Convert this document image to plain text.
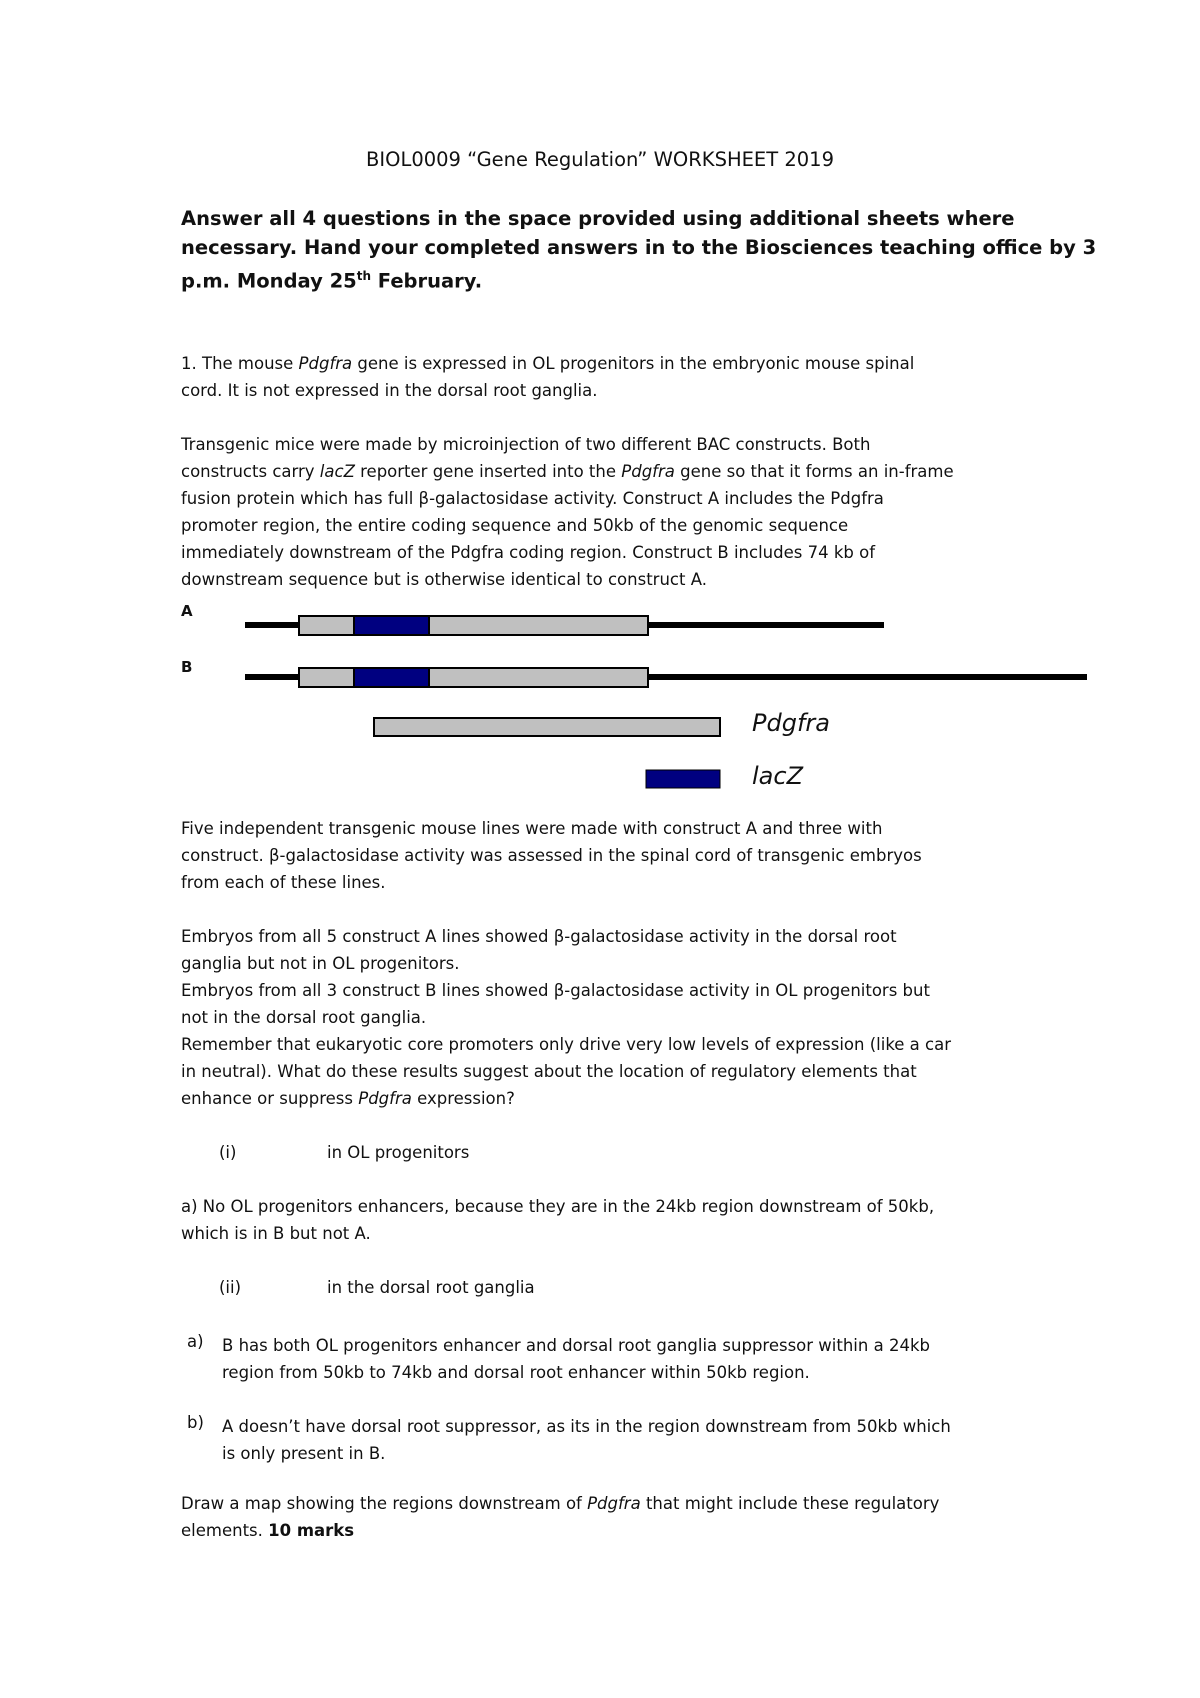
BIOL0009 “Gene Regulation” WORKSHEET 2019
Answer all 4 questions in the space provided using additional sheets where
necessary. Hand your completed answers in to the Biosciences teaching office by 3
p.m. Monday 25th February.
1. The mouse Pdgfra gene is expressed in OL progenitors in the embryonic mouse spinal
cord. It is not expressed in the dorsal root ganglia.
Transgenic mice were made by microinjection of two different BAC constructs. Both
constructs carry lacZ reporter gene inserted into the Pdgfra gene so that it forms an in-frame
fusion protein which has full β-galactosidase activity. Construct A includes the Pdgfra
promoter region, the entire coding sequence and 50kb of the genomic sequence
immediately downstream of the Pdgfra coding region. Construct B includes 74 kb of
downstream sequence but is otherwise identical to construct A.
A
B
Pdgfra
lacZ
Five independent transgenic mouse lines were made with construct A and three with
construct. β-galactosidase activity was assessed in the spinal cord of transgenic embryos
from each of these lines.
Embryos from all 5 construct A lines showed β-galactosidase activity in the dorsal root
ganglia but not in OL progenitors.
Embryos from all 3 construct B lines showed β-galactosidase activity in OL progenitors but
not in the dorsal root ganglia.
Remember that eukaryotic core promoters only drive very low levels of expression (like a car
in neutral). What do these results suggest about the location of regulatory elements that
enhance or suppress Pdgfra expression?
(i)	in OL progenitors
a) No OL progenitors enhancers, because they are in the 24kb region downstream of 50kb,
which is in B but not A.
(ii)	in the dorsal root ganglia
a) B has both OL progenitors enhancer and dorsal root ganglia suppressor within a 24kb
region from 50kb to 74kb and dorsal root enhancer within 50kb region.
b) A doesn’t have dorsal root suppressor, as its in the region downstream from 50kb which
is only present in B.
Draw a map showing the regions downstream of Pdgfra that might include these regulatory
elements. 10 marks
